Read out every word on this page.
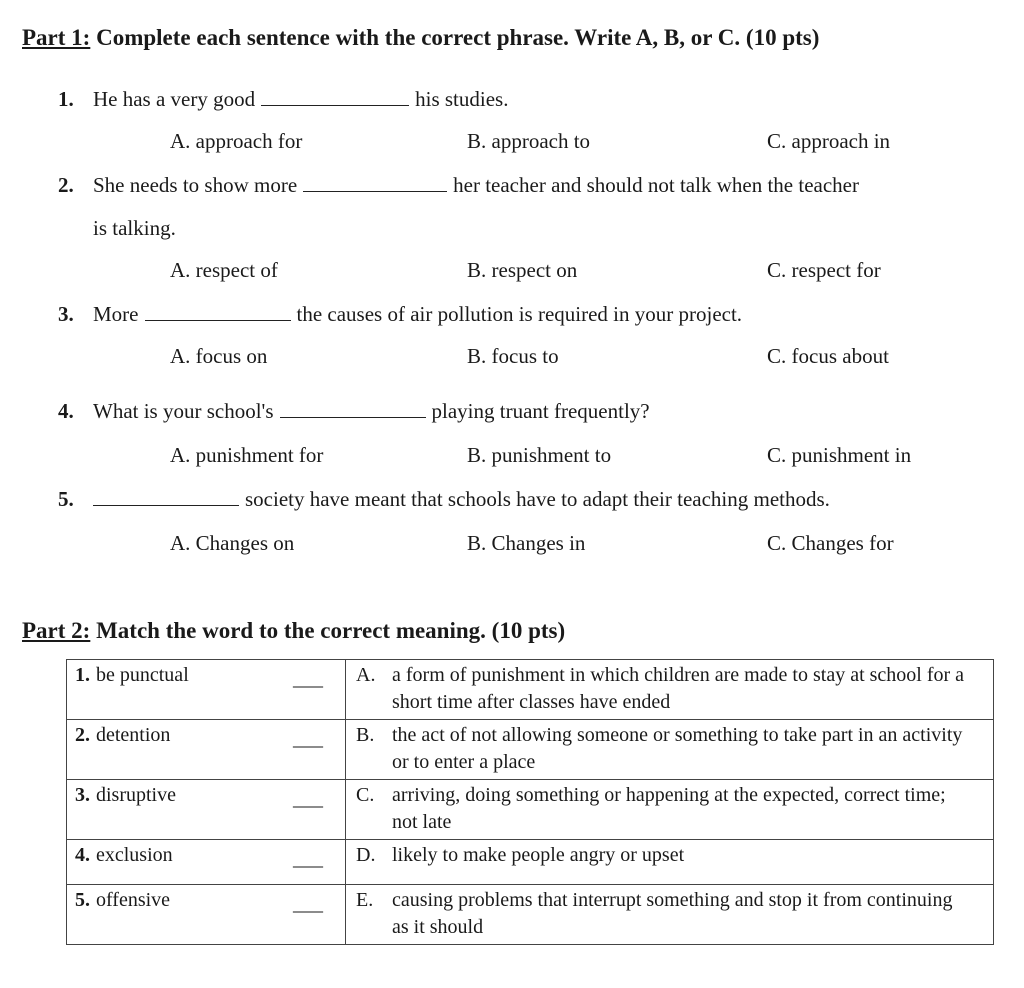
Part 1: Complete each sentence with the correct phrase. Write A, B, or C. (10 pts)
1. He has a very good	his studies.
A. approach for	B. approach to	C. approach in
2. She needs to show more	her teacher and should not talk when the teacher
is talking.
A. respect of	B. respect on	C. respect for
3. More	the causes of air pollution is required in your project.
A. focus on	B. focus to	C. focus about
4. What is your school's	playing truant frequently?
A. punishment for	B. punishment to	C. punishment in
5.	society have meant that schools have to adapt their teaching methods.
A. Changes on	B. Changes in	C. Changes for
Part 2: Match the word to the correct meaning. (10 pts)
1. be punctual ___	A. a form of punishment in which children are made to stay at school for a short time after classes have ended
2. detention ___	B. the act of not allowing someone or something to take part in an activity or to enter a place
3. disruptive ___	C. arriving, doing something or happening at the expected, correct time; not late
4. exclusion ___	D. likely to make people angry or upset
5. offensive ___	E. causing problems that interrupt something and stop it from continuing as it should
